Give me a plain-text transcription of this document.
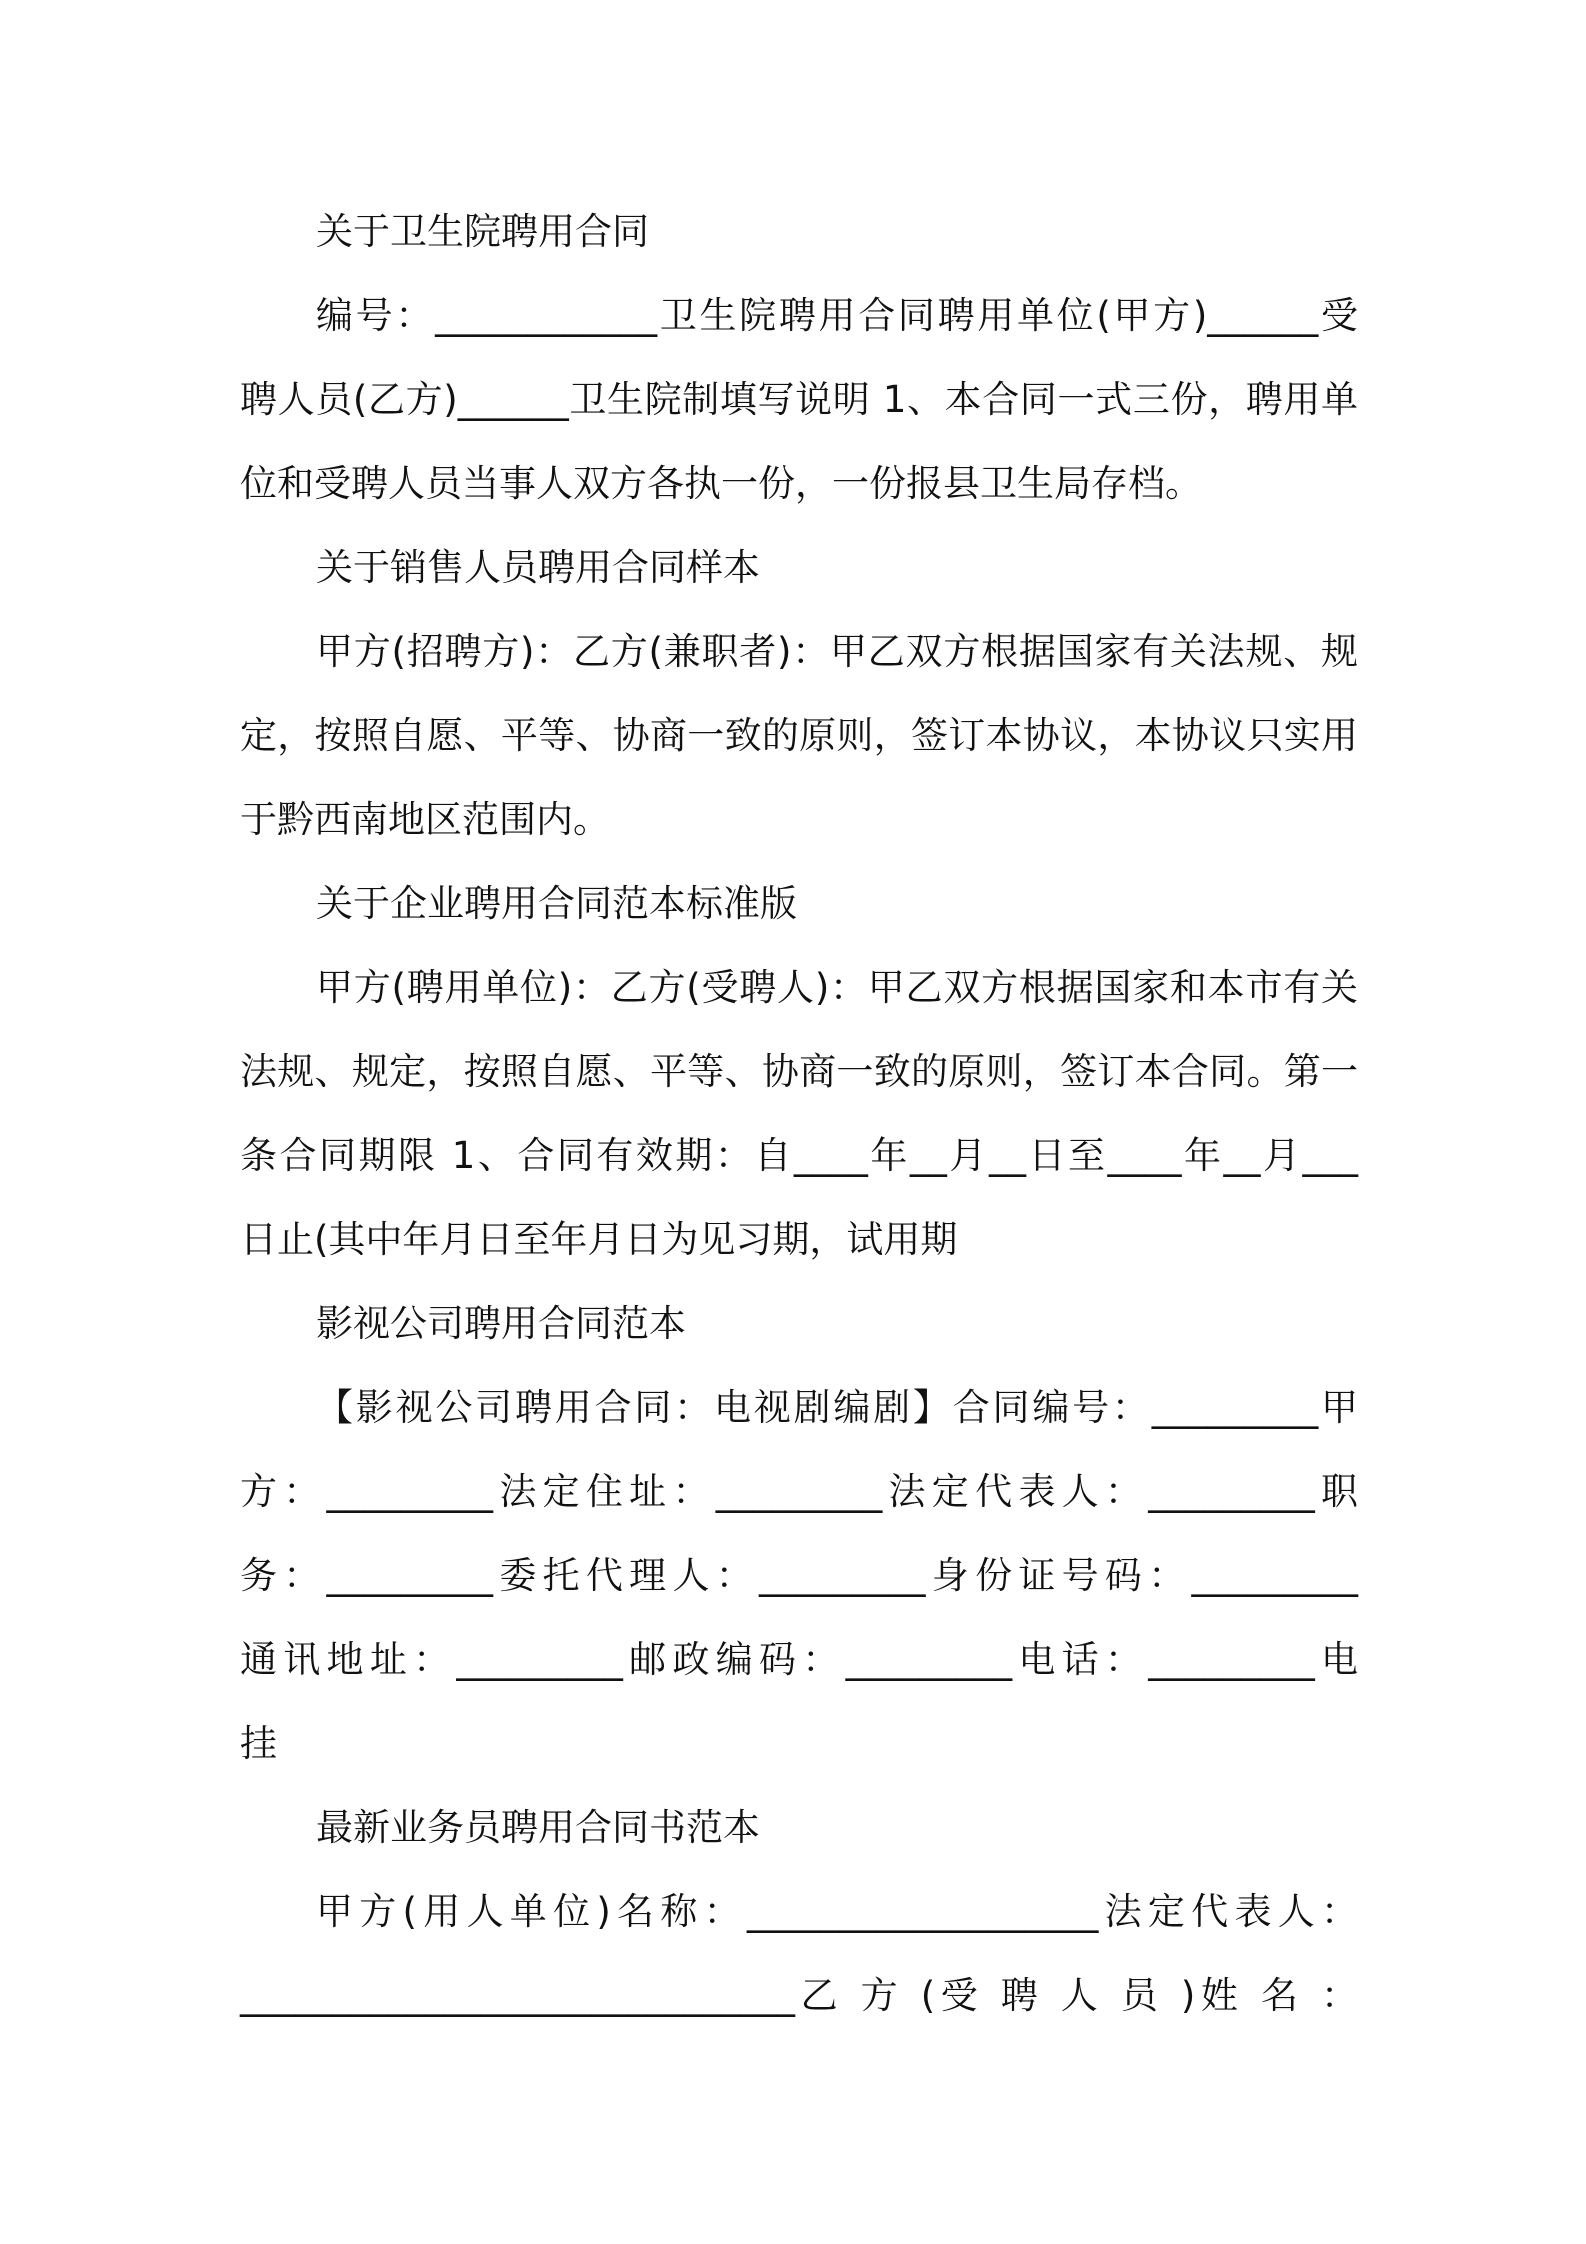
关于卫生院聘用合同
编号：____________卫生院聘用合同聘用单位(甲方)______受
聘人员(乙方)______卫生院制填写说明 1、本合同一式三份，聘用单
位和受聘人员当事人双方各执一份，一份报县卫生局存档。
关于销售人员聘用合同样本
甲方(招聘方)：乙方(兼职者)：甲乙双方根据国家有关法规、规
定，按照自愿、平等、协商一致的原则，签订本协议，本协议只实用
于黔西南地区范围内。
关于企业聘用合同范本标准版
甲方(聘用单位)：乙方(受聘人)：甲乙双方根据国家和本市有关
法规、规定，按照自愿、平等、协商一致的原则，签订本合同。第一
条合同期限 1、合同有效期：自____年__月__日至____年__月___
日止(其中年月日至年月日为见习期，试用期
影视公司聘用合同范本
【影视公司聘用合同：电视剧编剧】合同编号：_________甲
方：_________法定住址：_________法定代表人：_________职
务：_________委托代理人：_________身份证号码：_________
通讯地址：_________邮政编码：_________电话：_________电
挂
最新业务员聘用合同书范本
甲方(用人单位)名称：___________________法定代表人：
______________________________乙 方 (受 聘 人 员 )姓 名 ：
